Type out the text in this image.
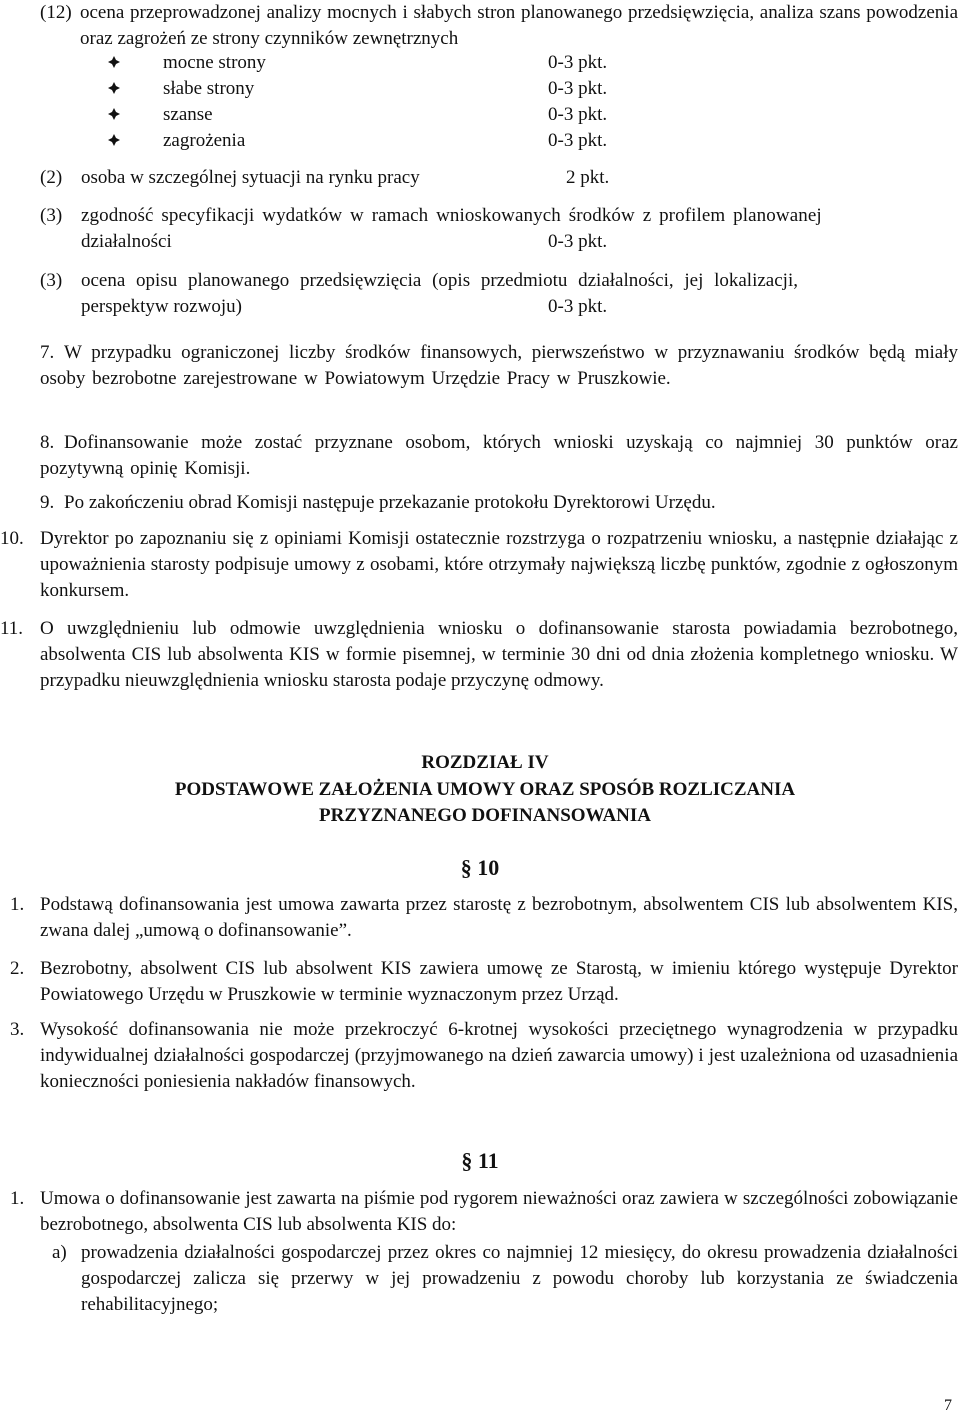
(12) ocena przeprowadzonej analizy mocnych i słabych stron planowanego przedsięwzięcia, analiza szans powodzenia oraz zagrożeń ze strony czynników zewnętrznych
mocne strony	0-3 pkt.
słabe strony	0-3 pkt.
szanse	0-3 pkt.
zagrożenia	0-3 pkt.
(2) osoba w szczególnej sytuacji na rynku pracy	2 pkt.
(3) zgodność specyfikacji wydatków w ramach wnioskowanych środków z profilem planowanej
działalności	0-3 pkt.
(3) ocena opisu planowanego przedsięwzięcia (opis przedmiotu działalności, jej lokalizacji,
perspektyw rozwoju)	0-3 pkt.
7. W przypadku ograniczonej liczby środków finansowych, pierwszeństwo w przyznawaniu środków będą miały osoby bezrobotne zarejestrowane w Powiatowym Urzędzie Pracy w Pruszkowie.
8. Dofinansowanie może zostać przyznane osobom, których wnioski uzyskają co najmniej 30 punktów oraz pozytywną opinię Komisji.
9. Po zakończeniu obrad Komisji następuje przekazanie protokołu Dyrektorowi Urzędu.
10. Dyrektor po zapoznaniu się z opiniami Komisji ostatecznie rozstrzyga o rozpatrzeniu wniosku, a następnie działając z upoważnienia starosty podpisuje umowy z osobami, które otrzymały największą liczbę punktów, zgodnie z ogłoszonym konkursem.
11. O uwzględnieniu lub odmowie uwzględnienia wniosku o dofinansowanie starosta powiadamia bezrobotnego, absolwenta CIS lub absolwenta KIS w formie pisemnej, w terminie 30 dni od dnia złożenia kompletnego wniosku. W przypadku nieuwzględnienia wniosku starosta podaje przyczynę odmowy.
ROZDZIAŁ IV
PODSTAWOWE ZAŁOŻENIA UMOWY ORAZ SPOSÓB ROZLICZANIA
PRZYZNANEGO DOFINANSOWANIA
§ 10
1. Podstawą dofinansowania jest umowa zawarta przez starostę z bezrobotnym, absolwentem CIS lub absolwentem KIS, zwana dalej „umową o dofinansowanie”.
2. Bezrobotny, absolwent CIS lub absolwent KIS zawiera umowę ze Starostą, w imieniu którego występuje Dyrektor Powiatowego Urzędu w Pruszkowie w terminie wyznaczonym przez Urząd.
3. Wysokość dofinansowania nie może przekroczyć 6-krotnej wysokości przeciętnego wynagrodzenia w przypadku indywidualnej działalności gospodarczej (przyjmowanego na dzień zawarcia umowy) i jest uzależniona od uzasadnienia konieczności poniesienia nakładów finansowych.
§ 11
1. Umowa o dofinansowanie jest zawarta na piśmie pod rygorem nieważności oraz zawiera w szczególności zobowiązanie bezrobotnego, absolwenta CIS lub absolwenta KIS do:
a) prowadzenia działalności gospodarczej przez okres co najmniej 12 miesięcy, do okresu prowadzenia działalności gospodarczej zalicza się przerwy w jej prowadzeniu z powodu choroby lub korzystania ze świadczenia rehabilitacyjnego;
7
